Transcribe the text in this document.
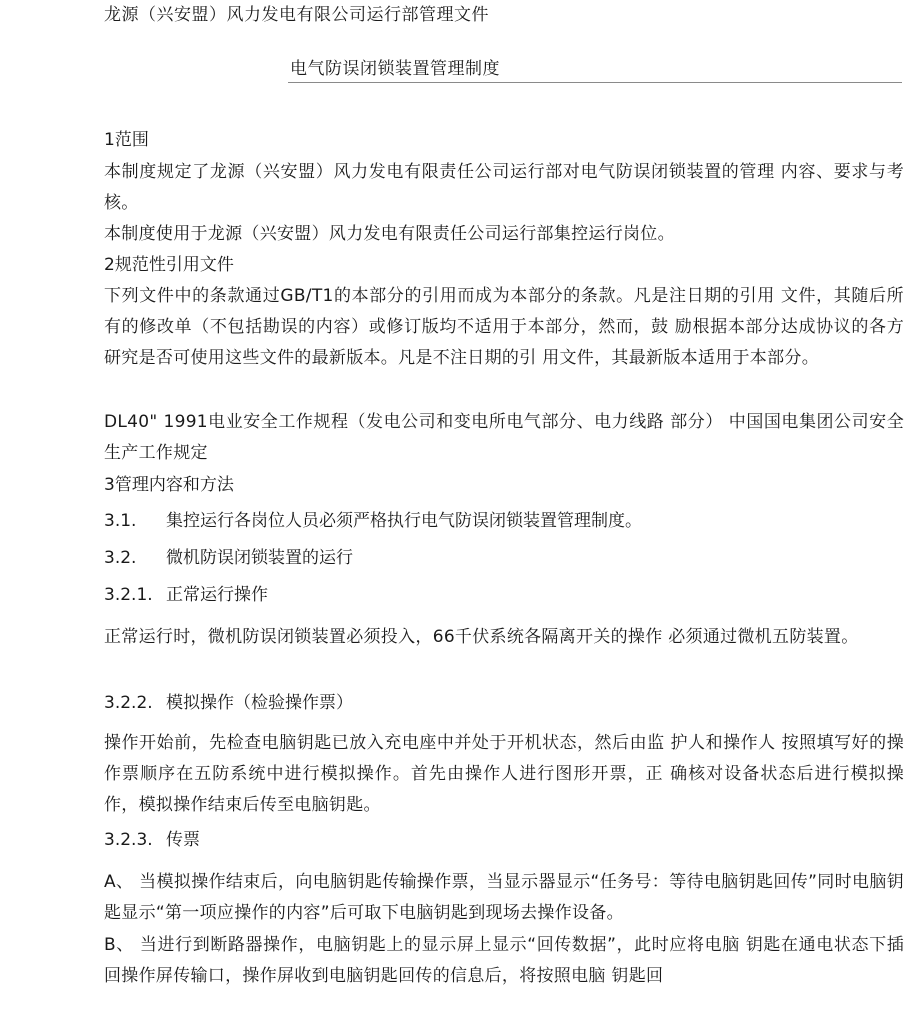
龙源（兴安盟）风力发电有限公司运行部管理文件
电气防误闭锁装置管理制度
1范围
本制度规定了龙源（兴安盟）风力发电有限责任公司运行部对电气防误闭锁装置的管理 内容、要求与考核。
本制度使用于龙源（兴安盟）风力发电有限责任公司运行部集控运行岗位。
2规范性引用文件
下列文件中的条款通过GB/T1的本部分的引用而成为本部分的条款。凡是注日期的引用 文件，其随后所有的修改单（不包括勘误的内容）或修订版均不适用于本部分，然而，鼓 励根据本部分达成协议的各方研究是否可使用这些文件的最新版本。凡是不注日期的引 用文件，其最新版本适用于本部分。
DL40" 1991电业安全工作规程（发电公司和变电所电气部分、电力线路 部分） 中国国电集团公司安全生产工作规定
3管理内容和方法
3.1. 集控运行各岗位人员必须严格执行电气防误闭锁装置管理制度。
3.2. 微机防误闭锁装置的运行
3.2.1. 正常运行操作
正常运行时，微机防误闭锁装置必须投入，66千伏系统各隔离开关的操作 必须通过微机五防装置。
3.2.2. 模拟操作（检验操作票）
操作开始前，先检查电脑钥匙已放入充电座中并处于开机状态，然后由监 护人和操作人 按照填写好的操作票顺序在五防系统中进行模拟操作。首先由操作人进行图形开票，正 确核对设备状态后进行模拟操作，模拟操作结束后传至电脑钥匙。
3.2.3. 传票
A、 当模拟操作结束后，向电脑钥匙传输操作票，当显示器显示“任务号：等待电脑钥匙回传”同时电脑钥匙显示“第一项应操作的内容”后可取下电脑钥匙到现场去操作设备。
B、 当进行到断路器操作，电脑钥匙上的显示屏上显示“回传数据”，此时应将电脑 钥匙在通电状态下插回操作屏传输口，操作屏收到电脑钥匙回传的信息后，将按照电脑 钥匙回
